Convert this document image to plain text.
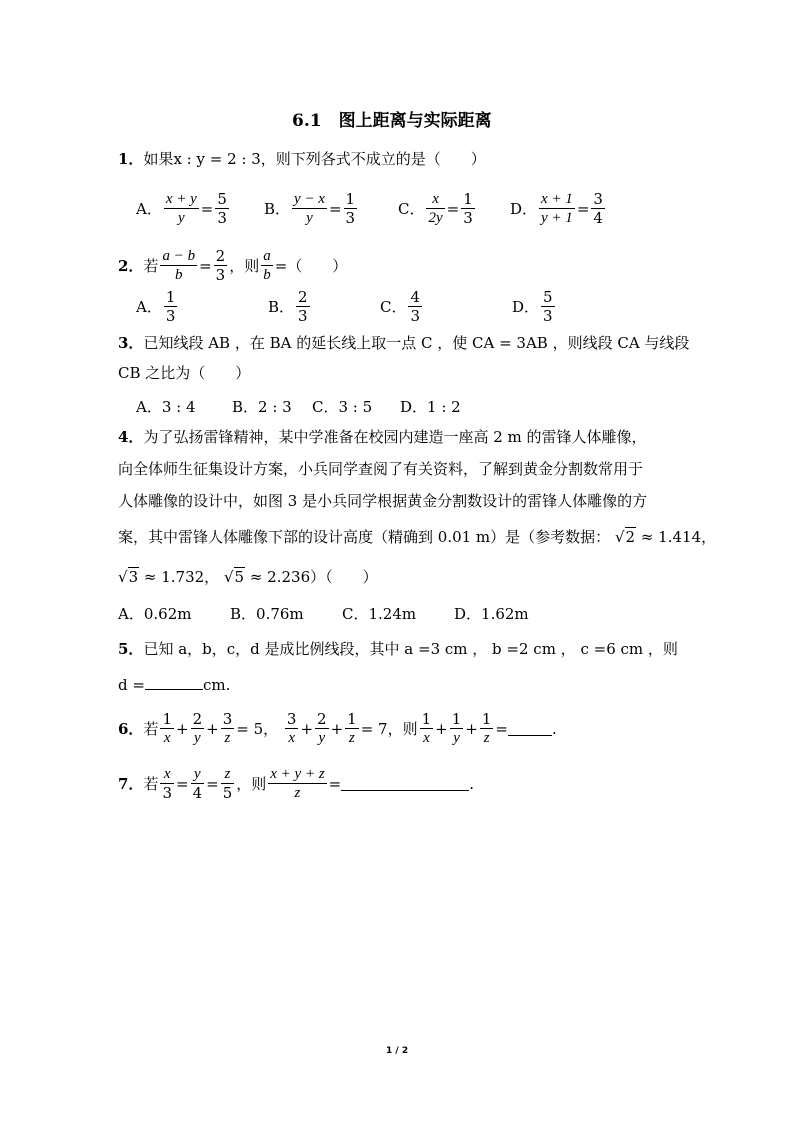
6.1　图上距离与实际距离
1．如果x : y = 2 : 3，则下列各式不成立的是（　　）
A． $\frac{x + y}{y} = \frac{5}{3}$ B． $\frac{y - x}{y} = \frac{1}{3}$	C． $\frac{x}{2y} = \frac{1}{3}$ D． $\frac{x + 1}{y + 1} = \frac{3}{4}$
2． 若 $\frac{a - b}{b} = \frac{2}{3}$ ，则 $\frac{a}{b}$ =（　　）
A． $\frac{1}{3}$	B． $\frac{2}{3}$	C． $\frac{4}{3}$	D． $\frac{5}{3}$
3．已知线段 AB ，在 BA 的延长线上取一点 C ，使 CA = 3AB ，则线段 CA 与线段
CB 之比为（　　）
A．3 : 4	B．2 : 3	C．3 : 5	D．1 : 2
4．为了弘扬雷锋精神，某中学准备在校园内建造一座高 2 m 的雷锋人体雕像，
向全体师生征集设计方案，小兵同学查阅了有关资料，了解到黄金分割数常用于
人体雕像的设计中，如图 3 是小兵同学根据黄金分割数设计的雷锋人体雕像的方
案，其中雷锋人体雕像下部的设计高度（精确到 0.01 m）是（参考数据： √2 ≈ 1.414，
√3 ≈ 1.732， √5 ≈ 2.236）（　　）
A．0.62m	B．0.76m	C．1.24m	D．1.62m
5．已知 a，b，c，d 是成比例线段，其中 a =3 cm ， b =2 cm ， c =6 cm ，则
d =	cm.
6． 若 $\frac{1}{x} + \frac{2}{y} + \frac{3}{z} = 5$ ， $\frac{3}{x} + \frac{2}{y} + \frac{1}{z} = 7$ ，则 $\frac{1}{x} + \frac{1}{y} + \frac{1}{z}$ =	.
7． 若 $\frac{x}{3} = \frac{y}{4} = \frac{z}{5}$ ，则 $\frac{x + y + z}{z}$ =	.
1 / 2
